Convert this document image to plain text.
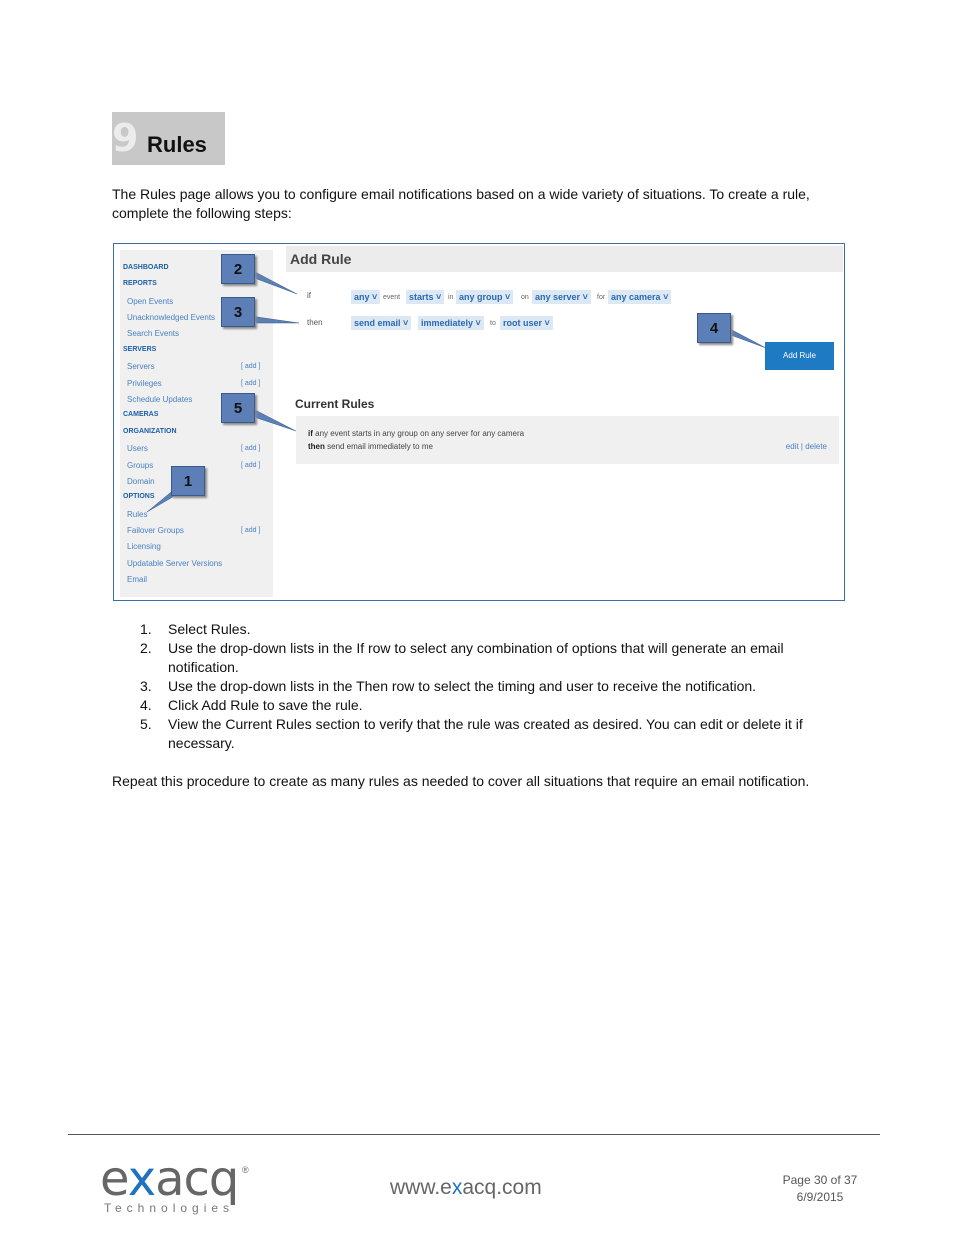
9 Rules

The Rules page allows you to configure email notifications based on a wide variety of situations. To create a rule, complete the following steps:

DASHBOARD
REPORTS
Open Events
Unacknowledged Events
Search Events
SERVERS
Servers	[ add ]
Privileges	[ add ]
Schedule Updates
CAMERAS
ORGANIZATION
Users	[ add ]
Groups	[ add ]
Domain
OPTIONS
Rules
Failover Groups	[ add ]
Licensing
Updatable Server Versions
Email
Add Rule
if	any ˅ event starts ˅ in any group ˅	on any server ˅	for any camera ˅
then	send email ˅	immediately ˅	to root user ˅
Add Rule
Current Rules
if any event starts in any group on any server for any camera
then send email immediately to me	edit | delete
2
3
4
5
1
1. Select Rules.
2. Use the drop-down lists in the If row to select any combination of options that will generate an email notification.
3. Use the drop-down lists in the Then row to select the timing and user to receive the notification.
4. Click Add Rule to save the rule.
5. View the Current Rules section to verify that the rule was created as desired. You can edit or delete it if necessary.

Repeat this procedure to create as many rules as needed to cover all situations that require an email notification.

exacq ®
Technologies
www.exacq.com	Page 30 of 37
6/9/2015
